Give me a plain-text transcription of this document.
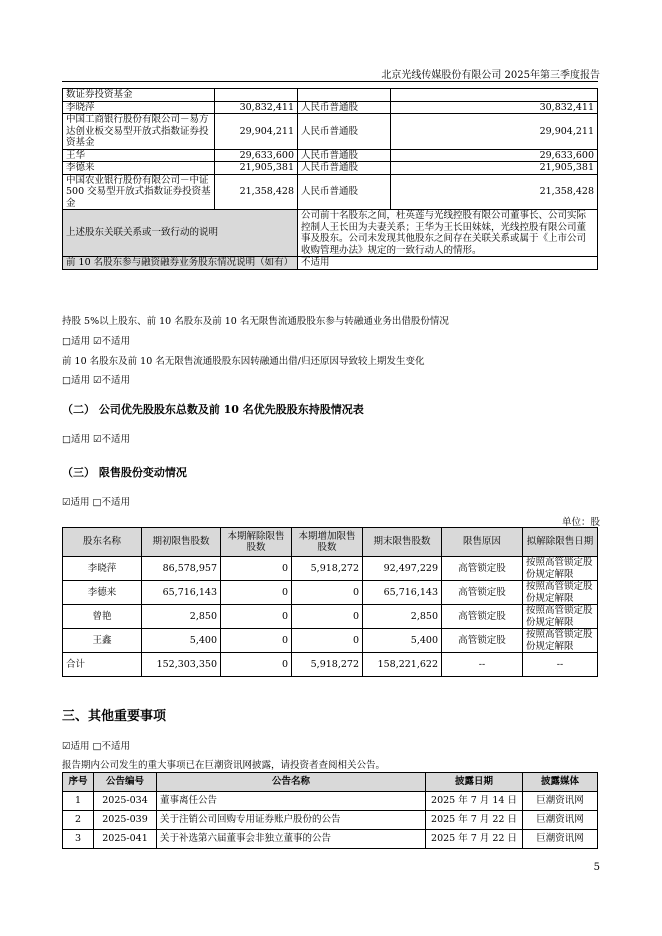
北京光线传媒股份有限公司 2025年第三季度报告
数证券投资基金			
李晓萍	30,832,411	人民币普通股	30,832,411
中国工商银行股份有限公司－易方达创业板交易型开放式指数证券投资基金	29,904,211	人民币普通股	29,904,211
王华	29,633,600	人民币普通股	29,633,600
李德来	21,905,381	人民币普通股	21,905,381
中国农业银行股份有限公司－中证 500 交易型开放式指数证券投资基金	21,358,428	人民币普通股	21,358,428
上述股东关联关系或一致行动的说明		公司前十名股东之间，杜英莲与光线控股有限公司董事长、公司实际控制人王长田为夫妻关系；王华为王长田妹妹，光线控股有限公司董事及股东。公司未发现其他股东之间存在关联关系或属于《上市公司收购管理办法》规定的一致行动人的情形。	
前 10 名股东参与融资融券业务股东情况说明（如有）		不适用	
持股 5%以上股东、前 10 名股东及前 10 名无限售流通股股东参与转融通业务出借股份情况
□适用 ☑不适用
前 10 名股东及前 10 名无限售流通股股东因转融通出借/归还原因导致较上期发生变化
□适用 ☑不适用
（二） 公司优先股股东总数及前 10 名优先股股东持股情况表
□适用 ☑不适用
（三） 限售股份变动情况
☑适用 □不适用
单位：股
股东名称	期初限售股数	本期解除限售股数	本期增加限售股数	期末限售股数	限售原因	拟解除限售日期
李晓萍	86,578,957	0	5,918,272	92,497,229	高管锁定股	按照高管锁定股份规定解限
李德来	65,716,143	0	0	65,716,143	高管锁定股	按照高管锁定股份规定解限
曾艳	2,850	0	0	2,850	高管锁定股	按照高管锁定股份规定解限
王鑫	5,400	0	0	5,400	高管锁定股	按照高管锁定股份规定解限
合计	152,303,350	0	5,918,272	158,221,622	--	--
三、其他重要事项
☑适用 □不适用
报告期内公司发生的重大事项已在巨潮资讯网披露，请投资者查阅相关公告。
序号	公告编号	公告名称	披露日期	披露媒体
1	2025-034	董事离任公告	2025 年 7 月 14 日	巨潮资讯网
2	2025-039	关于注销公司回购专用证券账户股份的公告	2025 年 7 月 22 日	巨潮资讯网
3	2025-041	关于补选第六届董事会非独立董事的公告	2025 年 7 月 22 日	巨潮资讯网
5
